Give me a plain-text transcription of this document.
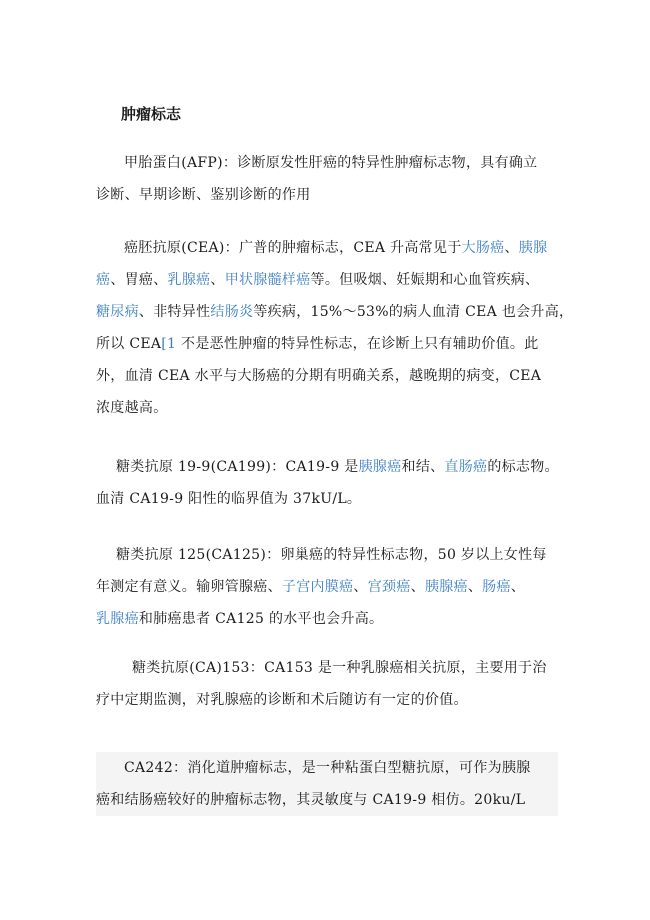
肿瘤标志
甲胎蛋白(AFP)：诊断原发性肝癌的特异性肿瘤标志物，具有确立
诊断、早期诊断、鉴别诊断的作用
癌胚抗原(CEA)：广普的肿瘤标志，CEA 升高常见于大肠癌、胰腺
癌、胃癌、乳腺癌、甲状腺髓样癌等。但吸烟、妊娠期和心血管疾病、
糖尿病、非特异性结肠炎等疾病，15%～53%的病人血清 CEA 也会升高，
所以 CEA[1 不是恶性肿瘤的特异性标志，在诊断上只有辅助价值。此
外，血清 CEA 水平与大肠癌的分期有明确关系，越晚期的病变，CEA
浓度越高。
糖类抗原 19-9(CA199)：CA19-9 是胰腺癌和结、直肠癌的标志物。
血清 CA19-9 阳性的临界值为 37kU/L。
糖类抗原 125(CA125)：卵巢癌的特异性标志物，50 岁以上女性每
年测定有意义。输卵管腺癌、子宫内膜癌、宫颈癌、胰腺癌、肠癌、
乳腺癌和肺癌患者 CA125 的水平也会升高。
糖类抗原(CA)153：CA153 是一种乳腺癌相关抗原，主要用于治
疗中定期监测，对乳腺癌的诊断和术后随访有一定的价值。
CA242：消化道肿瘤标志，是一种粘蛋白型糖抗原，可作为胰腺
癌和结肠癌较好的肿瘤标志物，其灵敏度与 CA19-9 相仿。20ku/L
